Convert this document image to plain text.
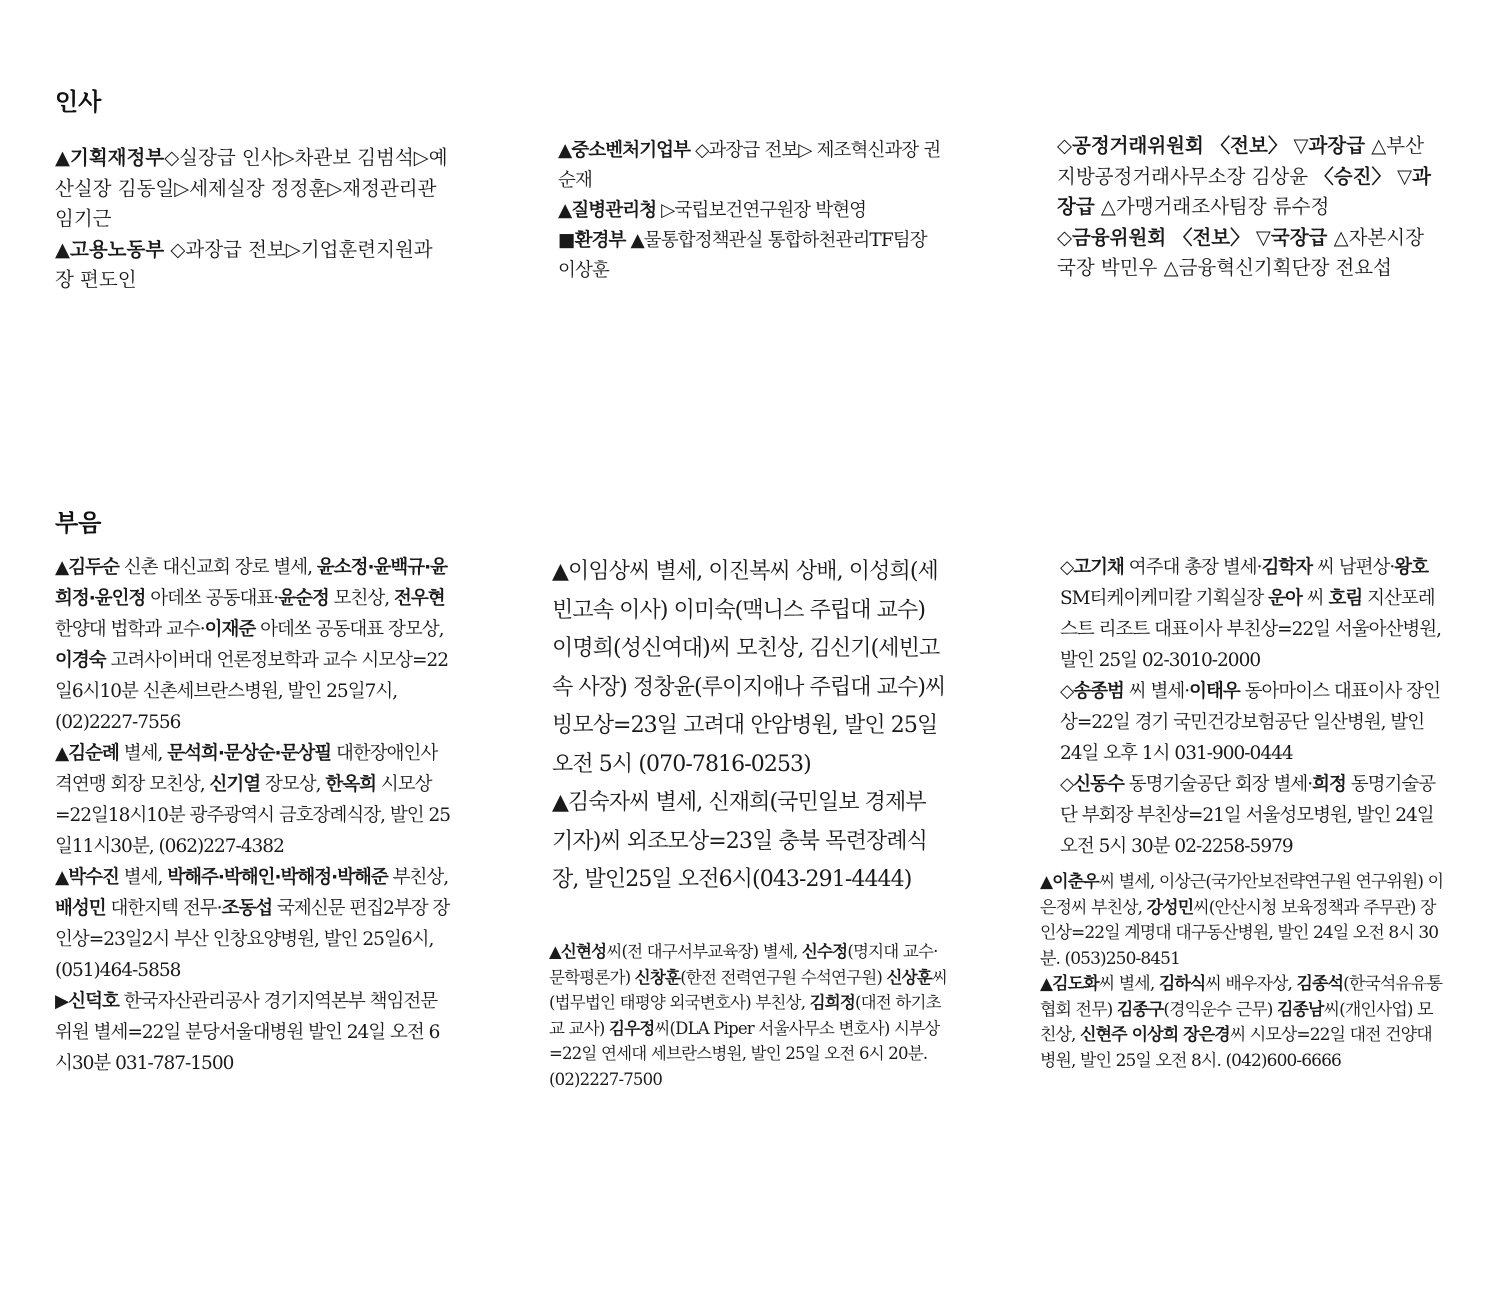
인사
부음

▲기획재정부◇실장급 인사▷차관보 김범석▷예산실장 김동일▷세제실장 정정훈▷재정관리관 임기근

▲고용노동부 ◇과장급 전보▷기업훈련지원과장 편도인

▲중소벤처기업부 ◇과장급 전보▷ 제조혁신과장 권순재

▲질병관리청 ▷국립보건연구원장 박현영

■환경부 ▲물통합정책관실 통합하천관리TF팀장 이상훈

◇공정거래위원회 〈전보〉 ▽과장급 △부산지방공정거래사무소장 김상윤 〈승진〉 ▽과장급 △가맹거래조사팀장 류수정

◇금융위원회 〈전보〉 ▽국장급 △자본시장국장 박민우 △금융혁신기획단장 전요섭

▲김두순 신촌 대신교회 장로 별세, 윤소정·윤백규·윤희정·윤인정 아데쏘 공동대표·윤순정 모친상, 전우현 한양대 법학과 교수·이재준 아데쏘 공동대표 장모상, 이경숙 고려사이버대 언론정보학과 교수 시모상=22일6시10분 신촌세브란스병원, 발인 25일7시, (02)2227-7556

▲김순례 별세, 문석희·문상순·문상필 대한장애인사격연맹 회장 모친상, 신기열 장모상, 한옥희 시모상=22일18시10분 광주광역시 금호장례식장, 발인 25일11시30분, (062)227-4382

▲박수진 별세, 박해주·박해인·박해정·박해준 부친상, 배성민 대한지텍 전무·조동섭 국제신문 편집2부장 장인상=23일2시 부산 인창요양병원, 발인 25일6시, (051)464-5858

▶신덕호 한국자산관리공사 경기지역본부 책임전문위원 별세=22일 분당서울대병원 발인 24일 오전 6시30분 031-787-1500

▲이임상씨 별세, 이진복씨 상배, 이성희(세빈고속 이사) 이미숙(맥니스 주립대 교수) 이명희(성신여대)씨 모친상, 김신기(세빈고속 사장) 정창윤(루이지애나 주립대 교수)씨 빙모상=23일 고려대 안암병원, 발인 25일 오전 5시 (070-7816-0253)

▲김숙자씨 별세, 신재희(국민일보 경제부 기자)씨 외조모상=23일 충북 목련장례식장, 발인25일 오전6시(043-291-4444)

▲신현성씨(전 대구서부교육장) 별세, 신수정(명지대 교수·문학평론가) 신창훈(한전 전력연구원 수석연구원) 신상훈씨(법무법인 태평양 외국변호사) 부친상, 김희정(대전 하기초교 교사) 김우정씨(DLA Piper 서울사무소 변호사) 시부상=22일 연세대 세브란스병원, 발인 25일 오전 6시 20분. (02)2227-7500

◇고기채 여주대 총장 별세·김학자 씨 남편상·왕호 SM티케이케미칼 기획실장 운아 씨 호림 지산포레스트 리조트 대표이사 부친상=22일 서울아산병원, 발인 25일 02-3010-2000

◇송종범 씨 별세·이태우 동아마이스 대표이사 장인상=22일 경기 국민건강보험공단 일산병원, 발인 24일 오후 1시 031-900-0444

◇신동수 동명기술공단 회장 별세·희정 동명기술공단 부회장 부친상=21일 서울성모병원, 발인 24일 오전 5시 30분 02-2258-5979

▲이춘우씨 별세, 이상근(국가안보전략연구원 연구위원) 이은정씨 부친상, 강성민씨(안산시청 보육정책과 주무관) 장인상=22일 계명대 대구동산병원, 발인 24일 오전 8시 30분. (053)250-8451

▲김도화씨 별세, 김하식씨 배우자상, 김종석(한국석유유통협회 전무) 김종구(경익운수 근무) 김종남씨(개인사업) 모친상, 신현주 이상희 장은경씨 시모상=22일 대전 건양대병원, 발인 25일 오전 8시. (042)600-6666
